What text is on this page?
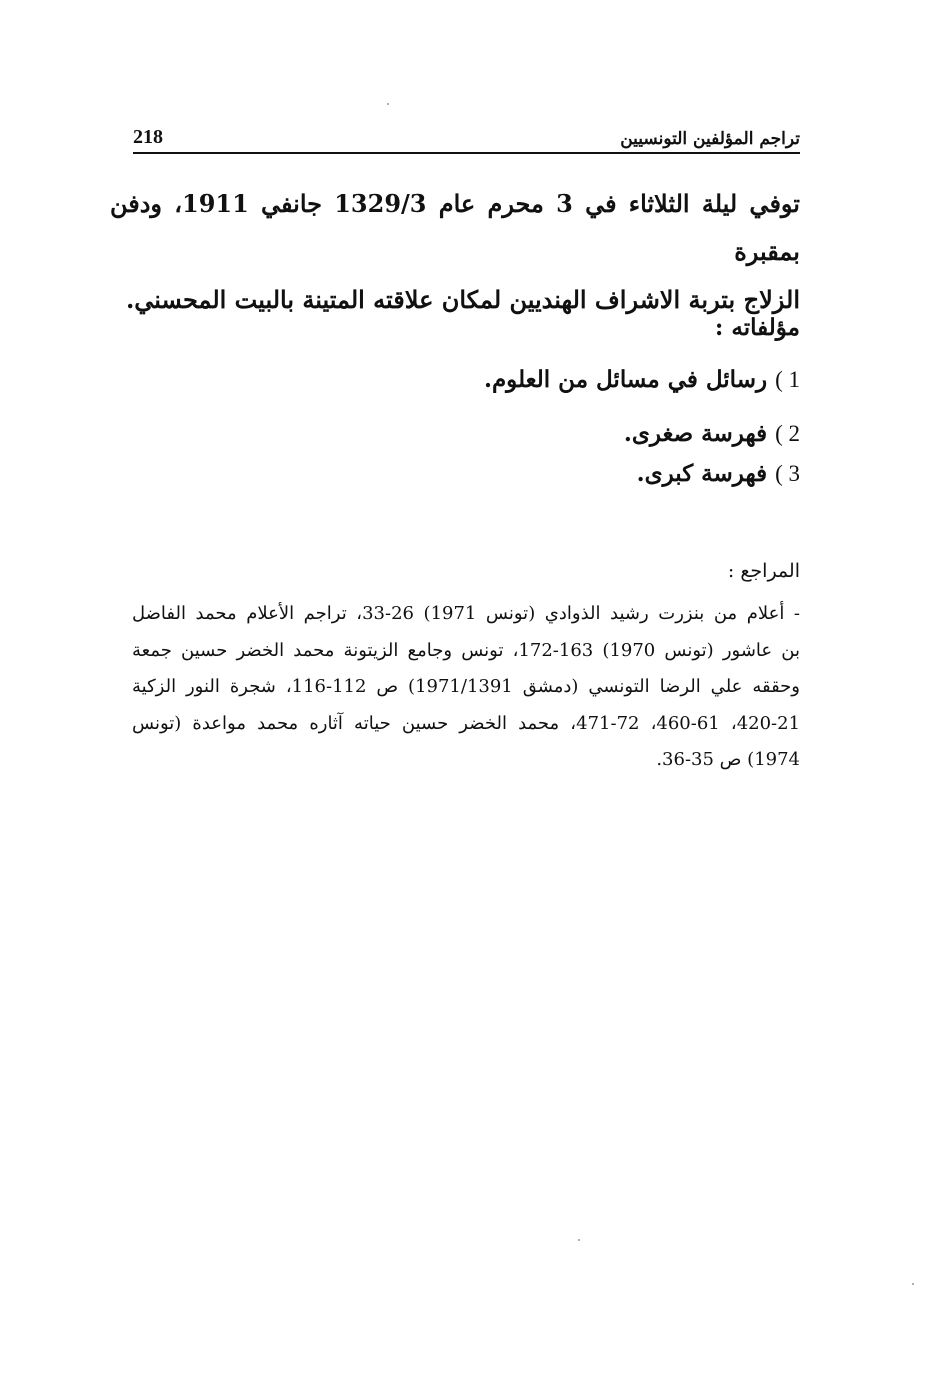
218	تراجم المؤلفين التونسيين
توفي ليلة الثلاثاء في 3 محرم عام 1329/3 جانفي 1911، ودفن بمقبرة
الزلاج بتربة الاشراف الهنديين لمكان علاقته المتينة بالبيت المحسني.
مؤلفاته :
1 )رسائل في مسائل من العلوم.
2 )فهرسة صغرى.
3 )فهرسة كبرى.
المراجع :
- أعلام من بنزرت رشيد الذوادي (تونس 1971) 26-33، تراجم الأعلام محمد الفاضل
بن عاشور (تونس 1970) 163-172، تونس وجامع الزيتونة محمد الخضر حسين جمعة
وحققه علي الرضا التونسي (دمشق 1971/1391) ص 112-116، شجرة النور الزكية
420-21، 460-61، 471-72، محمد الخضر حسين حياته آثاره محمد مواعدة (تونس
1974) ص 35-36.
